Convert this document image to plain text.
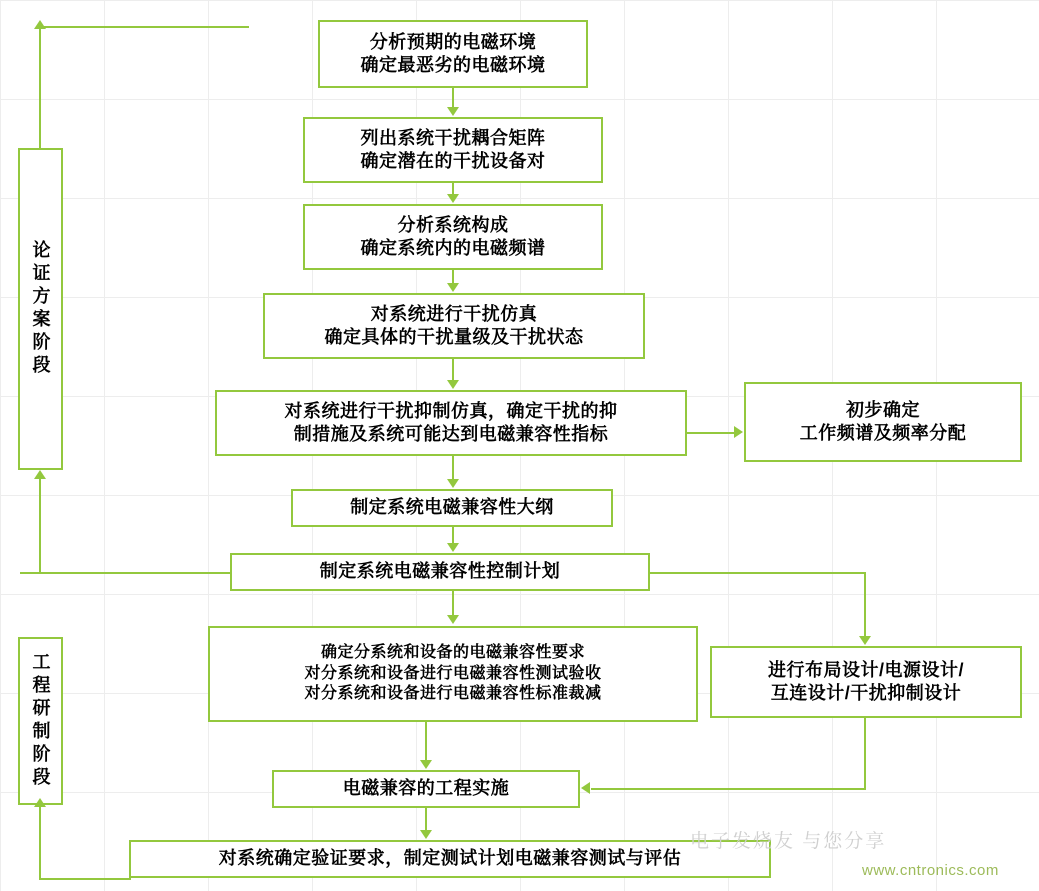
论证方案阶段
工程研制阶段
分析预期的电磁环境
确定最恶劣的电磁环境
列出系统干扰耦合矩阵
确定潜在的干扰设备对
分析系统构成
确定系统内的电磁频谱
对系统进行干扰仿真
确定具体的干扰量级及干扰状态
对系统进行干扰抑制仿真，确定干扰的抑
制措施及系统可能达到电磁兼容性指标
初步确定
工作频谱及频率分配
制定系统电磁兼容性大纲
制定系统电磁兼容性控制计划
确定分系统和设备的电磁兼容性要求
对分系统和设备进行电磁兼容性测试验收
对分系统和设备进行电磁兼容性标准裁减
进行布局设计/电源设计/
互连设计/干扰抑制设计
电磁兼容的工程实施
对系统确定验证要求，制定测试计划电磁兼容测试与评估
电子发烧友 与您分享
www.cntronics.com
